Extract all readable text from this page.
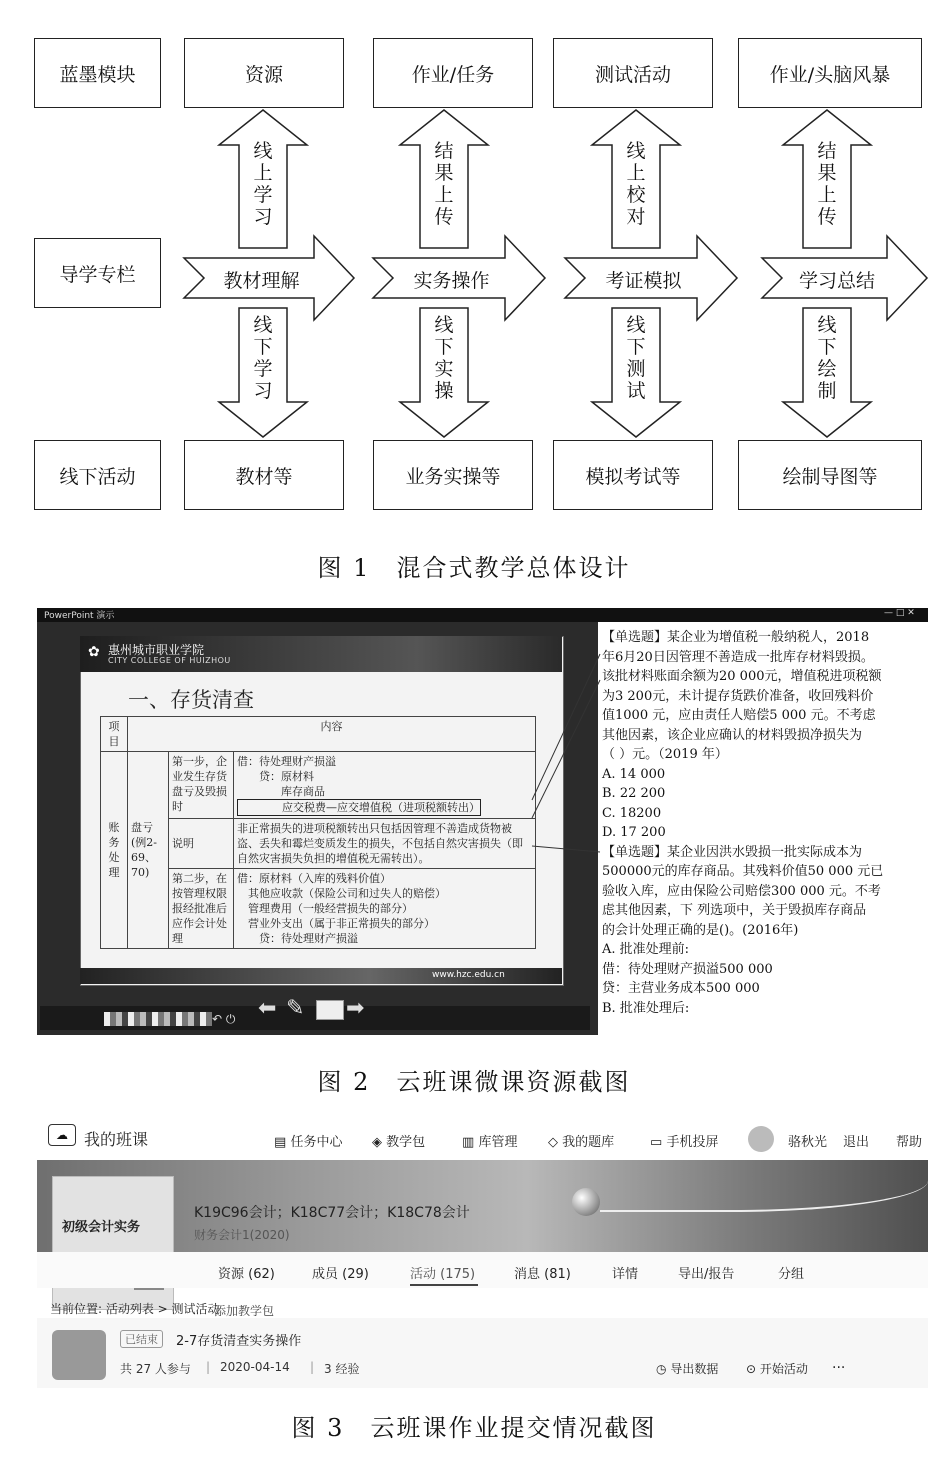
蓝墨模块
导学专栏
线下活动
资源	作业/任务	测试活动	作业/头脑风暴
教材等	业务实操等	模拟考试等	绘制导图等
线上学习
结果上传
线上校对
结果上传
教材理解	实务操作	考证模拟	学习总结
线下学习
线下实操
线下测试
线下绘制
图 1　混合式教学总体设计
PowerPoint 演示	— □ ✕
✿ 惠州城市职业学院
CITY COLLEGE OF HUIZHOU
一、存货清查
项目	内容		
账务处理	盘亏(例2-69、70)	第一步，企业发生存货盘亏及毁损时	借：待处理财产损溢
　　贷：原材料
　　　　库存商品
　　　　应交税费—应交增值税（进项税额转出）
		说明	非正常损失的进项税额转出只包括因管理不善造成货物被盗、丢失和霉烂变质发生的损失，不包括自然灾害损失（即自然灾害损失负担的增值税无需转出）。
		第二步，在按管理权限报经批准后应作会计处理	借：原材料（入库的残料价值）
　其他应收款（保险公司和过失人的赔偿）
　管理费用（一般经营损失的部分）
　营业外支出（属于非正常损失的部分）
　　贷：待处理财产损溢
www.hzc.edu.cn
⬅ ✎ ➡
↶ ⏻
【单选题】某企业为增值税一般纳税人，2018
年6月20日因管理不善造成一批库存材料毁损。
该批材料账面余额为20 000元，增值税进项税额
为3 200元，未计提存货跌价准备，收回残料价
值1000 元，应由责任人赔偿5 000 元。不考虑
其他因素，该企业应确认的材料毁损净损失为
（ ）元。（2019 年）
A. 14 000
B. 22 200
C. 18200
D. 17 200
【单选题】某企业因洪水毁损一批实际成本为
500000元的库存商品。其残料价值50 000 元已
验收入库，应由保险公司赔偿300 000 元。不考
虑其他因素，下 列选项中，关于毁损库存商品
的会计处理正确的是()。(2016年)
A. 批准处理前:
借：待处理财产损溢500 000
贷：主营业务成本500 000
B. 批准处理后:
图 2　云班课微课资源截图
☁	我的班课	▤ 任务中心 ◈ 教学包	▥ 库管理 ◇ 我的题库	▭ 手机投屏	骆秋光 退出 帮助
初级会计实务
K19C96会计；K18C77会计；K18C78会计
财务会计1(2020)
资源 (62)	成员 (29)	活动 (175)	消息 (81)	详情	导出/报告	分组
当前位置: 活动列表 > 测试活动
添加教学包
已结束	2-7存货清查实务操作
共 27 人参与 | 2020-04-14 | 3 经验	◷ 导出数据 ⊙ 开始活动 ...
图 3　云班课作业提交情况截图
